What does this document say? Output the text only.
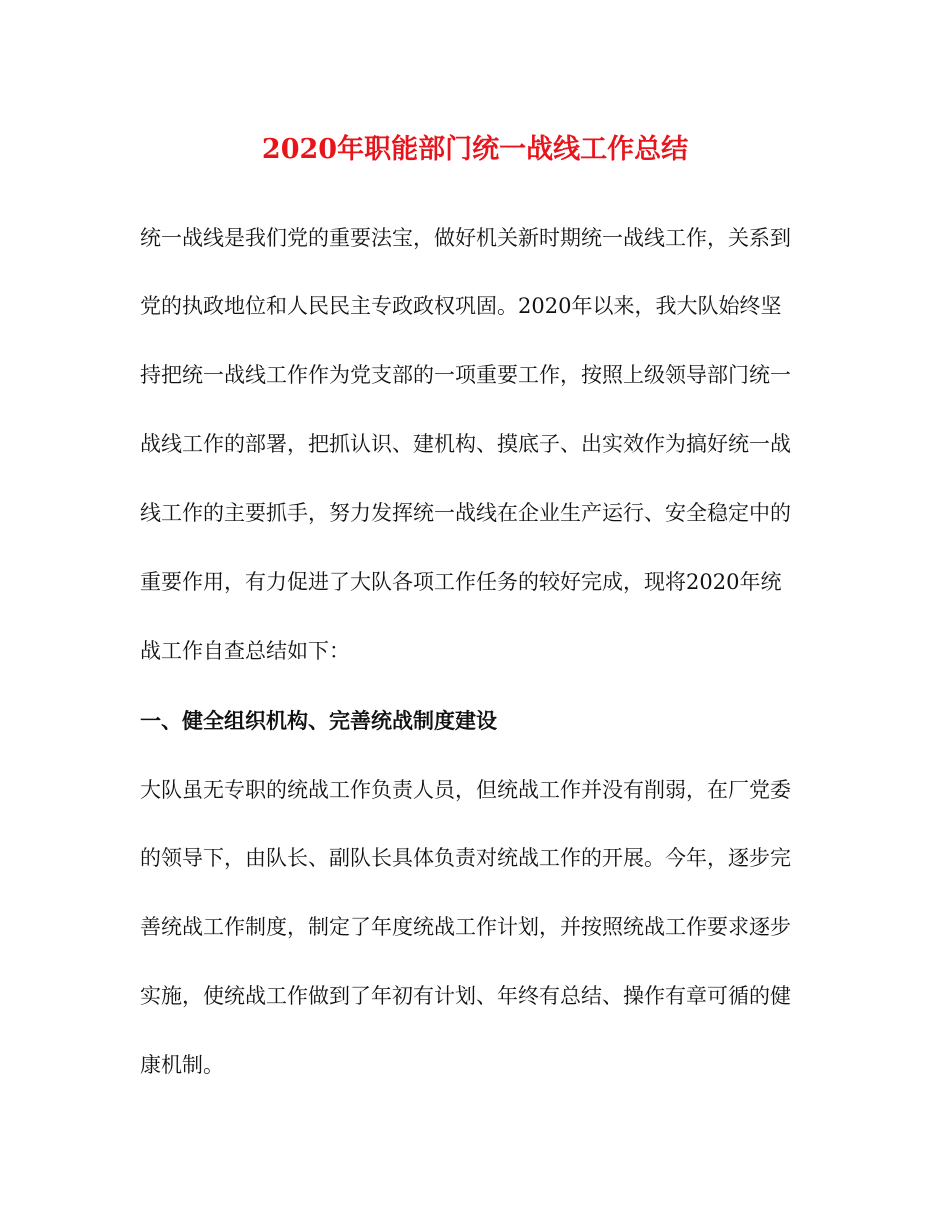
2020年职能部门统一战线工作总结

统一战线是我们党的重要法宝，做好机关新时期统一战线工作，关系到

党的执政地位和人民民主专政政权巩固。2020年以来，我大队始终坚

持把统一战线工作作为党支部的一项重要工作，按照上级领导部门统一

战线工作的部署，把抓认识、建机构、摸底子、出实效作为搞好统一战

线工作的主要抓手，努力发挥统一战线在企业生产运行、安全稳定中的

重要作用，有力促进了大队各项工作任务的较好完成，现将2020年统

战工作自查总结如下：

一、健全组织机构、完善统战制度建设

大队虽无专职的统战工作负责人员，但统战工作并没有削弱，在厂党委

的领导下，由队长、副队长具体负责对统战工作的开展。今年，逐步完

善统战工作制度，制定了年度统战工作计划，并按照统战工作要求逐步

实施，使统战工作做到了年初有计划、年终有总结、操作有章可循的健

康机制。
